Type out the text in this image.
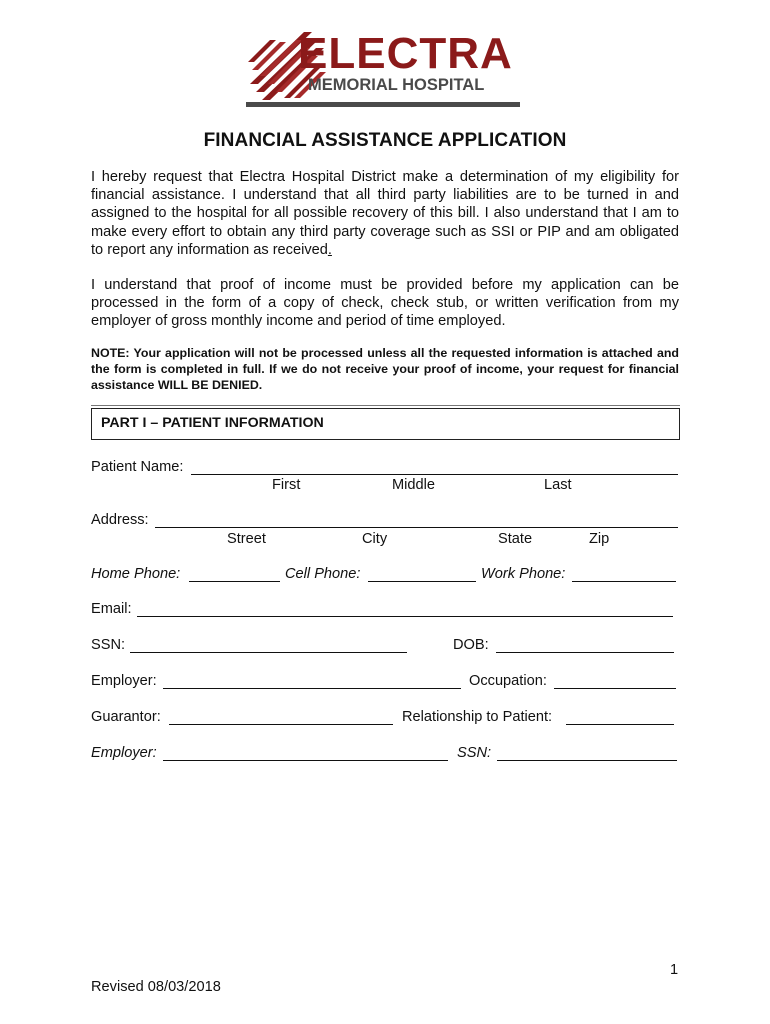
ELECTRA
MEMORIAL HOSPITAL
FINANCIAL ASSISTANCE APPLICATION
I hereby request that Electra Hospital District make a determination of my eligibility for financial assistance. I understand that all third party liabilities are to be turned in and assigned to the hospital for all possible recovery of this bill. I also understand that I am to make every effort to obtain any third party coverage such as SSI or PIP and am obligated to report any information as received.
I understand that proof of income must be provided before my application can be processed in the form of a copy of check, check stub, or written verification from my employer of gross monthly income and period of time employed.
NOTE: Your application will not be processed unless all the requested information is attached and the form is completed in full. If we do not receive your proof of income, your request for financial assistance WILL BE DENIED.
PART I – PATIENT INFORMATION
Patient Name:
First	Middle	Last
Address:
Street	City	State	Zip
Home Phone:	Cell Phone:	Work Phone:
Email:
SSN:	DOB:
Employer:	Occupation:
Guarantor:	Relationship to Patient:
Employer:	SSN:
1
Revised 08/03/2018
